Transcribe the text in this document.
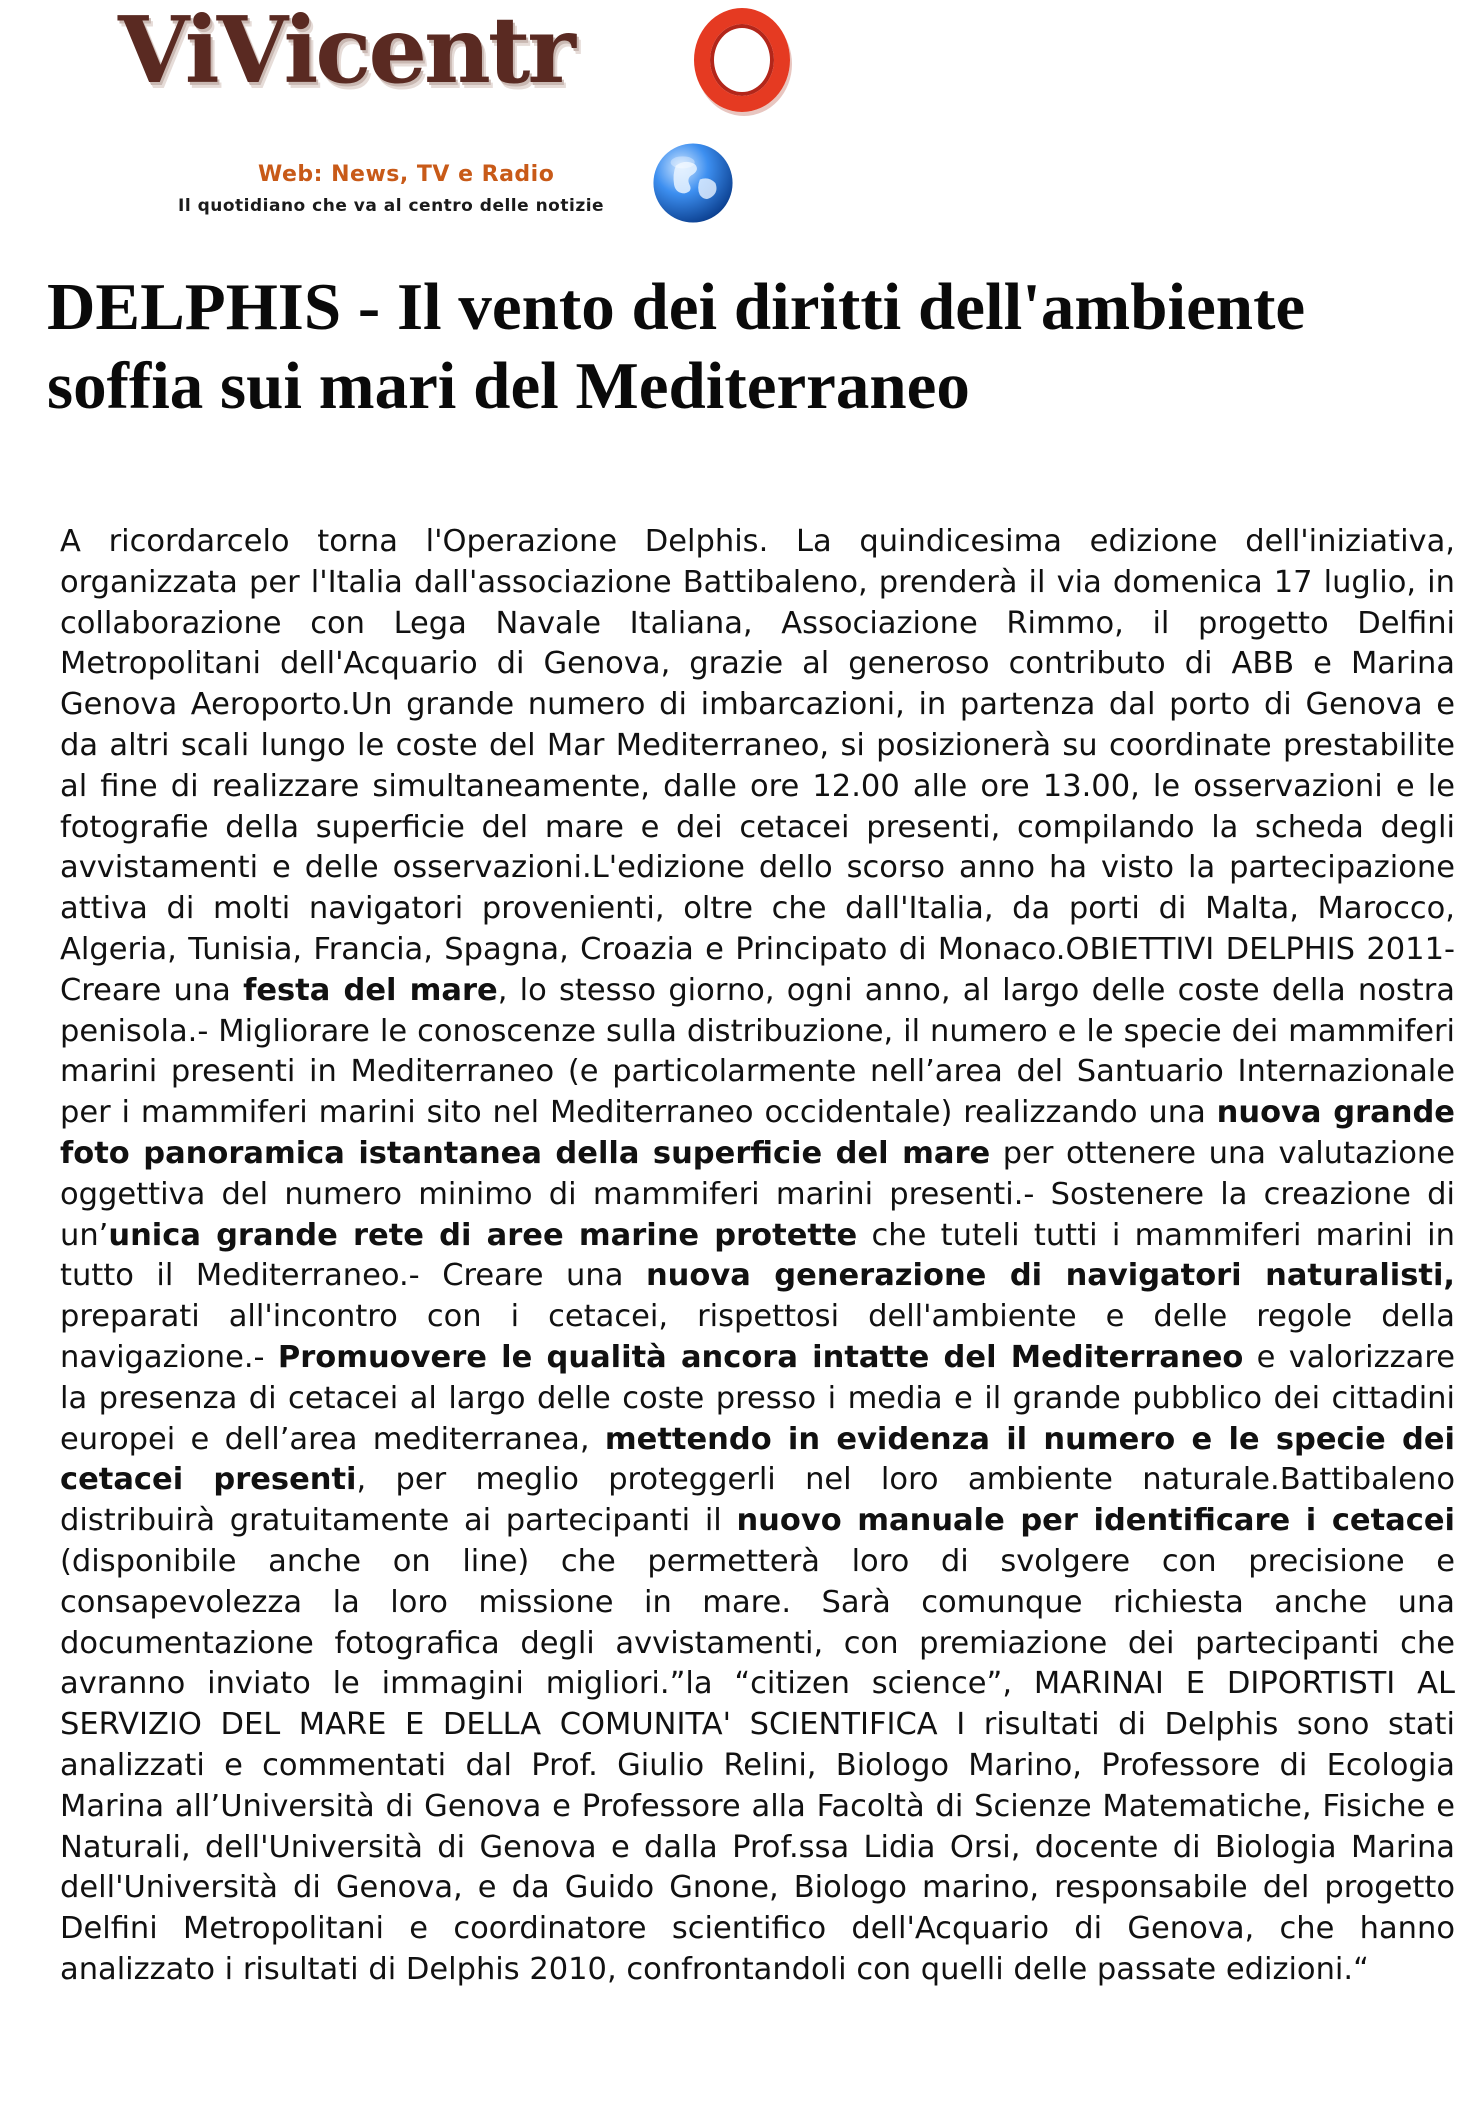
ViVicentr
Web: News, TV e Radio
Il quotidiano che va al centro delle notizie
DELPHIS - Il vento dei diritti dell'ambiente soffia sui mari del Mediterraneo

A ricordarcelo torna l'Operazione Delphis. La quindicesima edizione dell'iniziativa, organizzata per l'Italia dall'associazione Battibaleno, prenderà il via domenica 17 luglio, in collaborazione con Lega Navale Italiana, Associazione Rimmo, il progetto Delfini Metropolitani dell'Acquario di Genova, grazie al generoso contributo di ABB e Marina Genova Aeroporto.Un grande numero di imbarcazioni, in partenza dal porto di Genova e da altri scali lungo le coste del Mar Mediterraneo, si posizionerà su coordinate prestabilite al fine di realizzare simultaneamente, dalle ore 12.00 alle ore 13.00, le osservazioni e le fotografie della superficie del mare e dei cetacei presenti, compilando la scheda degli avvistamenti e delle osservazioni.L'edizione dello scorso anno ha visto la partecipazione attiva di molti navigatori provenienti, oltre che dall'Italia, da porti di Malta, Marocco, Algeria, Tunisia, Francia, Spagna, Croazia e Principato di Monaco.OBIETTIVI DELPHIS 2011- Creare una festa del mare, lo stesso giorno, ogni anno, al largo delle coste della nostra penisola.- Migliorare le conoscenze sulla distribuzione, il numero e le specie dei mammiferi marini presenti in Mediterraneo (e particolarmente nell’area del Santuario Internazionale per i mammiferi marini sito nel Mediterraneo occidentale) realizzando una nuova grande foto panoramica istantanea della superficie del mare per ottenere una valutazione oggettiva del numero minimo di mammiferi marini presenti.- Sostenere la creazione di un’unica grande rete di aree marine protette che tuteli tutti i mammiferi marini in tutto il Mediterraneo.- Creare una nuova generazione di navigatori naturalisti, preparati all'incontro con i cetacei, rispettosi dell'ambiente e delle regole della navigazione.- Promuovere le qualità ancora intatte del Mediterraneo e valorizzare la presenza di cetacei al largo delle coste presso i media e il grande pubblico dei cittadini europei e dell’area mediterranea, mettendo in evidenza il numero e le specie dei cetacei presenti, per meglio proteggerli nel loro ambiente naturale.Battibaleno distribuirà gratuitamente ai partecipanti il nuovo manuale per identificare i cetacei (disponibile anche on line) che permetterà loro di svolgere con precisione e consapevolezza la loro missione in mare. Sarà comunque richiesta anche una documentazione fotografica degli avvistamenti, con premiazione dei partecipanti che avranno inviato le immagini migliori.”la “citizen science”, MARINAI E DIPORTISTI AL SERVIZIO DEL MARE E DELLA COMUNITA' SCIENTIFICA I risultati di Delphis sono stati analizzati e commentati dal Prof. Giulio Relini, Biologo Marino, Professore di Ecologia Marina all’Università di Genova e Professore alla Facoltà di Scienze Matematiche, Fisiche e Naturali, dell'Università di Genova e dalla Prof.ssa Lidia Orsi, docente di Biologia Marina dell'Università di Genova, e da Guido Gnone, Biologo marino, responsabile del progetto Delfini Metropolitani e coordinatore scientifico dell'Acquario di Genova, che hanno analizzato i risultati di Delphis 2010, confrontandoli con quelli delle passate edizioni.“
